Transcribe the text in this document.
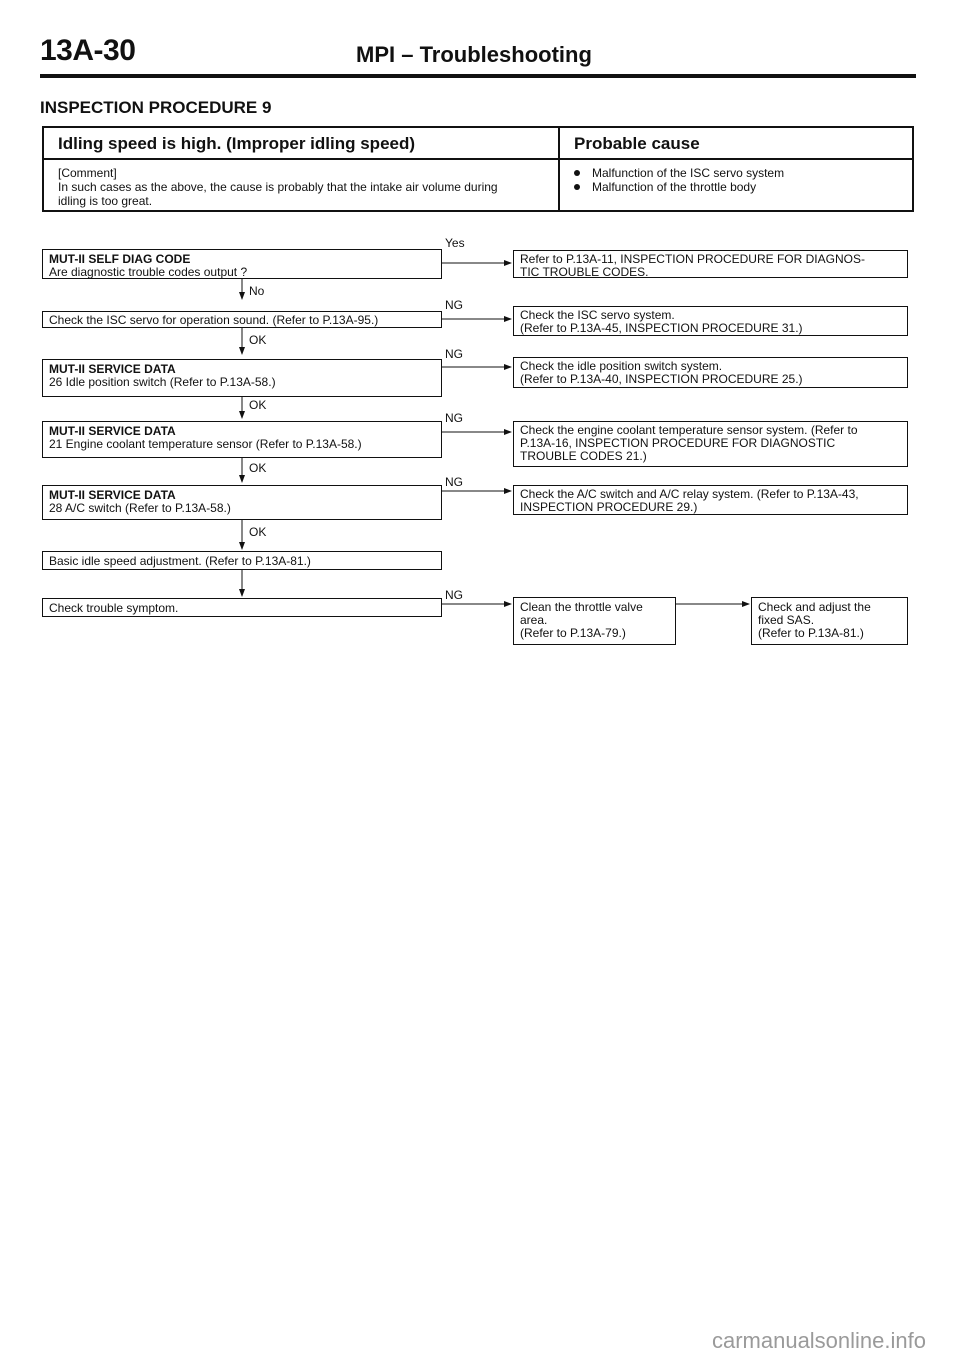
13A-30	MPI – Troubleshooting
INSPECTION PROCEDURE 9
Idling speed is high. (Improper idling speed)	Probable cause
[Comment]
In such cases as the above, the cause is probably that the intake air volume during
idling is too great.
Malfunction of the ISC servo system
Malfunction of the throttle body
MUT-II SELF DIAG CODE
Are diagnostic trouble codes output ?
Check the ISC servo for operation sound. (Refer to P.13A-95.)
MUT-II SERVICE DATA
26 Idle position switch (Refer to P.13A-58.)
MUT-II SERVICE DATA
21 Engine coolant temperature sensor (Refer to P.13A-58.)
MUT-II SERVICE DATA
28 A/C switch (Refer to P.13A-58.)
Basic idle speed adjustment. (Refer to P.13A-81.)
Check trouble symptom.
Yes
No
NG
OK
NG
OK
NG
OK
NG
OK
NG
Refer to P.13A-11, INSPECTION PROCEDURE FOR DIAGNOS-
TIC TROUBLE CODES.
Check the ISC servo system.
(Refer to P.13A-45, INSPECTION PROCEDURE 31.)
Check the idle position switch system.
(Refer to P.13A-40, INSPECTION PROCEDURE 25.)
Check the engine coolant temperature sensor system. (Refer to
P.13A-16, INSPECTION PROCEDURE FOR DIAGNOSTIC
TROUBLE CODES 21.)
Check the A/C switch and A/C relay system. (Refer to P.13A-43,
INSPECTION PROCEDURE 29.)
Clean the throttle valve
area.
(Refer to P.13A-79.)
Check and adjust the
fixed SAS.
(Refer to P.13A-81.)
carmanualsonline.info
